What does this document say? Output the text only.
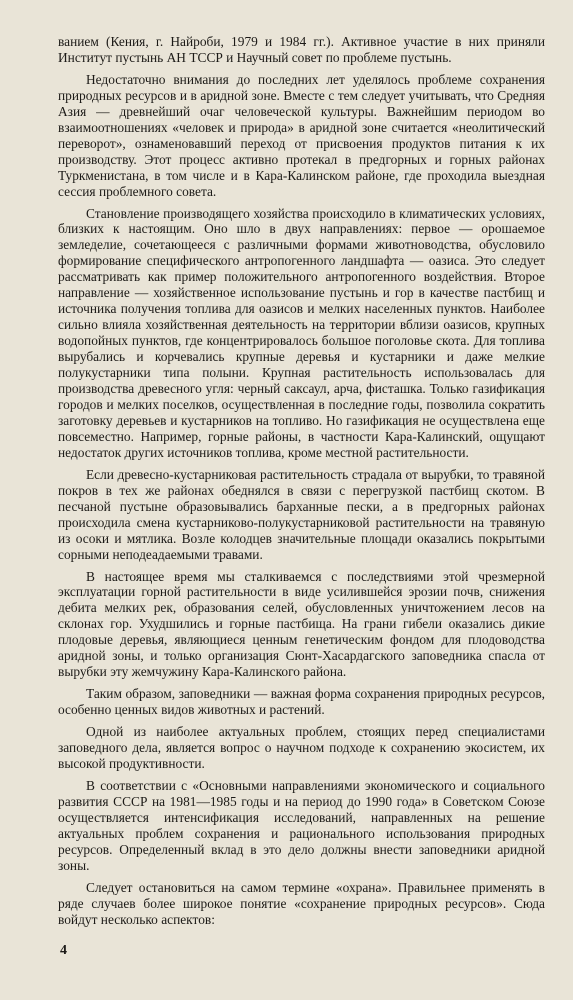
ванием (Кения, г. Найроби, 1979 и 1984 гг.). Активное участие в них приняли Институт пустынь АН ТССР и Научный совет по проблеме пустынь.

Недостаточно внимания до последних лет уделялось проблеме сохранения природных ресурсов и в аридной зоне. Вместе с тем следует учитывать, что Средняя Азия — древнейший очаг человеческой культуры. Важнейшим периодом во взаимоотношениях «человек и природа» в аридной зоне считается «неолитический переворот», ознаменовавший переход от присвоения продуктов питания к их производству. Этот процесс активно протекал в предгорных и горных районах Туркменистана, в том числе и в Кара-Калинском районе, где проходила выездная сессия проблемного совета.

Становление производящего хозяйства происходило в климатических условиях, близких к настоящим. Оно шло в двух направлениях: первое — орошаемое земледелие, сочетающееся с различными формами животноводства, обусловило формирование специфического антропогенного ландшафта — оазиса. Это следует рассматривать как пример положительного антропогенного воздействия. Второе направление — хозяйственное использование пустынь и гор в качестве пастбищ и источника получения топлива для оазисов и мелких населенных пунктов. Наиболее сильно влияла хозяйственная деятельность на территории вблизи оазисов, крупных водопойных пунктов, где концентрировалось большое поголовье скота. Для топлива вырубались и корчевались крупные деревья и кустарники и даже мелкие полукустарники типа полыни. Крупная растительность использовалась для производства древесного угля: черный саксаул, арча, фисташка. Только газификация городов и мелких поселков, осуществленная в последние годы, позволила сократить заготовку деревьев и кустарников на топливо. Но газификация не осуществлена еще повсеместно. Например, горные районы, в частности Кара-Калинский, ощущают недостаток других источников топлива, кроме местной растительности.

Если древесно-кустарниковая растительность страдала от вырубки, то травяной покров в тех же районах обеднялся в связи с перегрузкой пастбищ скотом. В песчаной пустыне образовывались барханные пески, а в предгорных районах происходила смена кустарниково-полукустарниковой растительности на травяную из осоки и мятлика. Возле колодцев значительные площади оказались покрытыми сорными неподеадаемыми травами.

В настоящее время мы сталкиваемся с последствиями этой чрезмерной эксплуатации горной растительности в виде усилившейся эрозии почв, снижения дебита мелких рек, образования селей, обусловленных уничтожением лесов на склонах гор. Ухудшились и горные пастбища. На грани гибели оказались дикие плодовые деревья, являющиеся ценным генетическим фондом для плодоводства аридной зоны, и только организация Сюнт-Хасардагского заповедника спасла от вырубки эту жемчужину Кара-Калинского района.

Таким образом, заповедники — важная форма сохранения природных ресурсов, особенно ценных видов животных и растений.

Одной из наиболее актуальных проблем, стоящих перед специалистами заповедного дела, является вопрос о научном подходе к сохранению экосистем, их высокой продуктивности.

В соответствии с «Основными направлениями экономического и социального развития СССР на 1981—1985 годы и на период до 1990 года» в Советском Союзе осуществляется интенсификация исследований, направленных на решение актуальных проблем сохранения и рационального использования природных ресурсов. Определенный вклад в это дело должны внести заповедники аридной зоны.

Следует остановиться на самом термине «охрана». Правильнее применять в ряде случаев более широкое понятие «сохранение природных ресурсов». Сюда войдут несколько аспектов:

4
